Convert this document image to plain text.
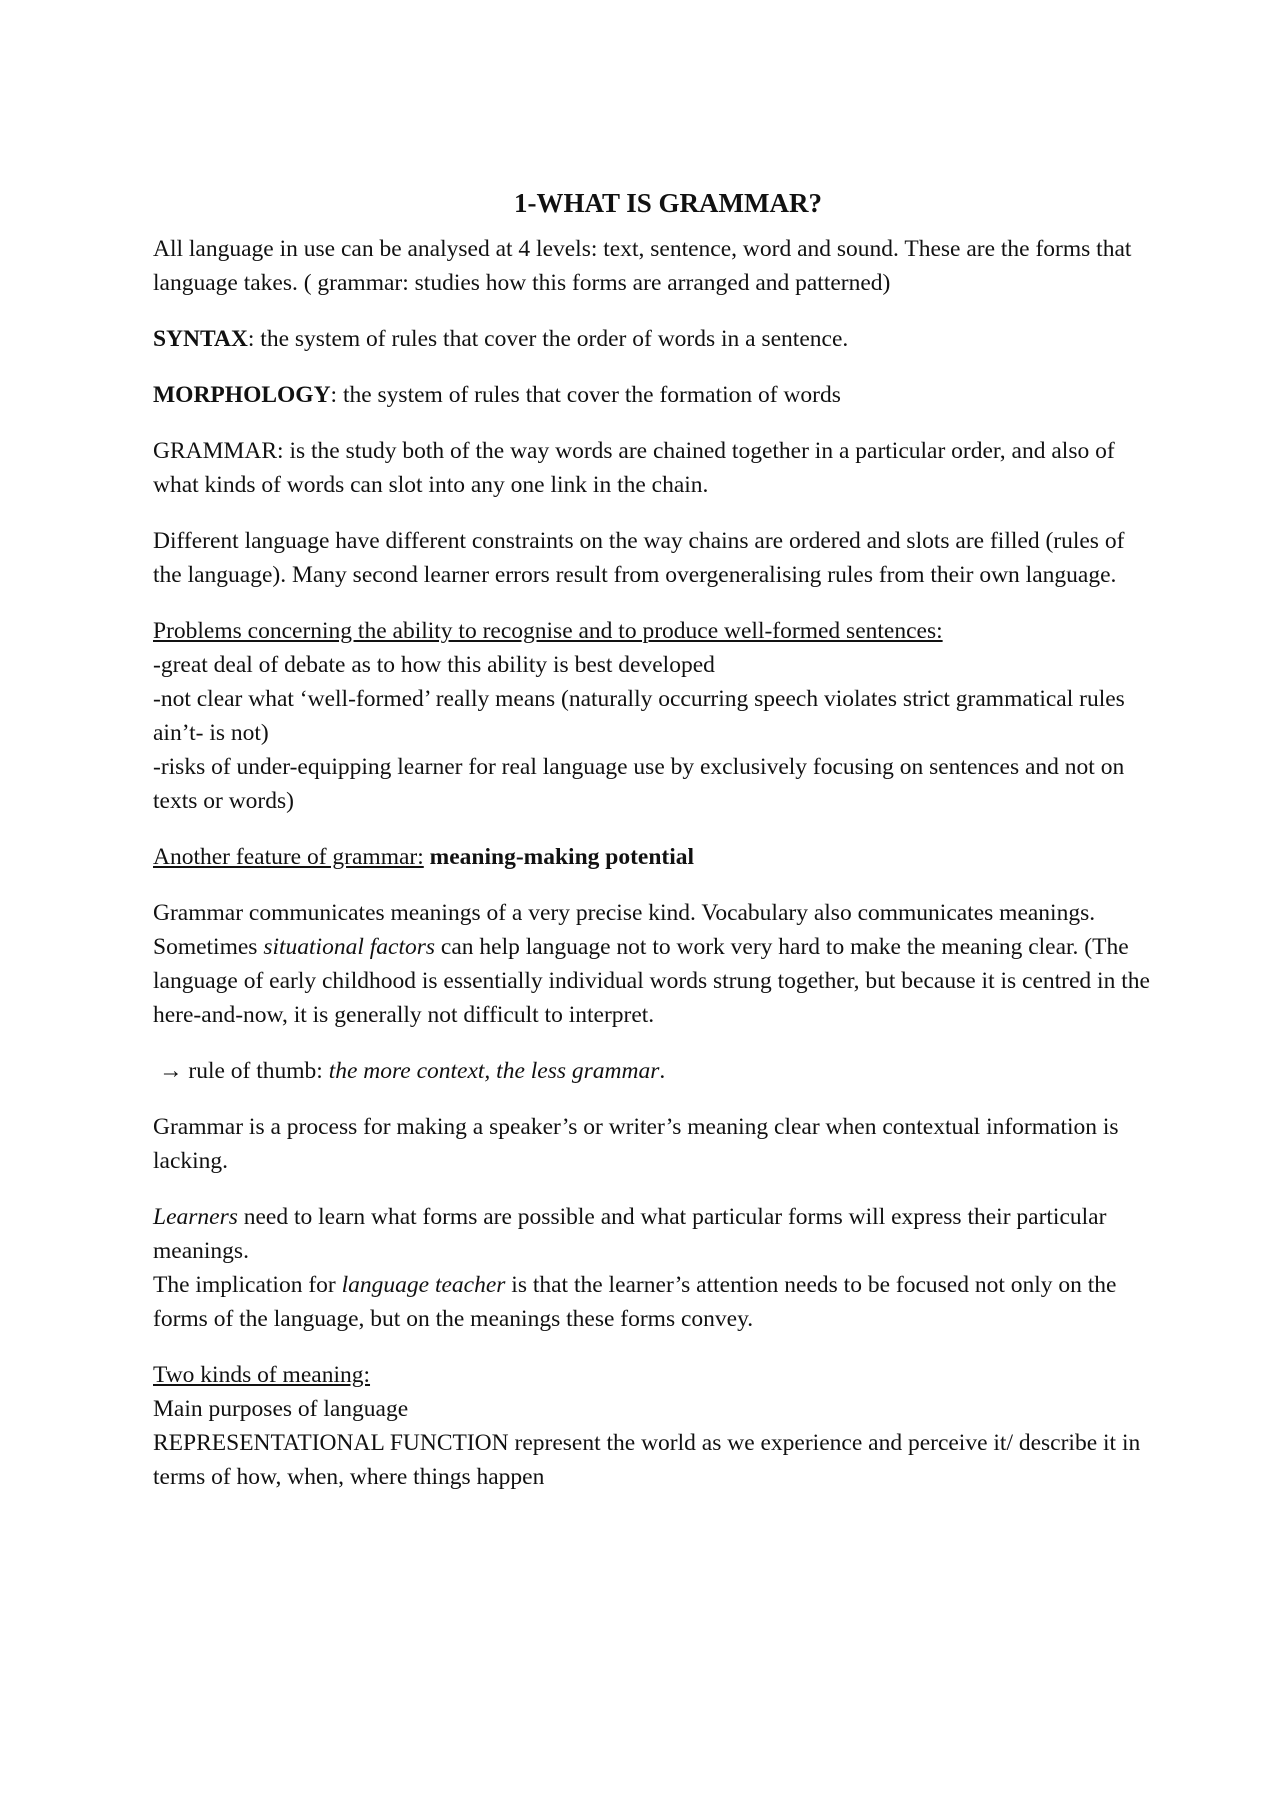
1-WHAT IS GRAMMAR?

All language in use can be analysed at 4 levels: text, sentence, word and sound. These are the forms that language takes. ( grammar: studies how this forms are arranged and patterned)

SYNTAX: the system of rules that cover the order of words in a sentence.

MORPHOLOGY: the system of rules that cover the formation of words

GRAMMAR: is the study both of the way words are chained together in a particular order, and also of what kinds of words can slot into any one link in the chain.

Different language have different constraints on the way chains are ordered and slots are filled (rules of the language). Many second learner errors result from overgeneralising rules from their own language.

Problems concerning the ability to recognise and to produce well-formed sentences:

-great deal of debate as to how this ability is best developed

-not clear what ‘well-formed’ really means (naturally occurring speech violates strict grammatical rules ain’t- is not)

-risks of under-equipping learner for real language use by exclusively focusing on sentences and not on texts or words)

Another feature of grammar: meaning-making potential

Grammar communicates meanings of a very precise kind. Vocabulary also communicates meanings. Sometimes situational factors can help language not to work very hard to make the meaning clear. (The language of early childhood is essentially individual words strung together, but because it is centred in the here-and-now, it is generally not difficult to interpret.

→ rule of thumb: the more context, the less grammar.

Grammar is a process for making a speaker’s or writer’s meaning clear when contextual information is lacking.

Learners need to learn what forms are possible and what particular forms will express their particular meanings.

The implication for language teacher is that the learner’s attention needs to be focused not only on the forms of the language, but on the meanings these forms convey.

Two kinds of meaning:

Main purposes of language

REPRESENTATIONAL FUNCTION represent the world as we experience and perceive it/ describe it in terms of how, when, where things happen
